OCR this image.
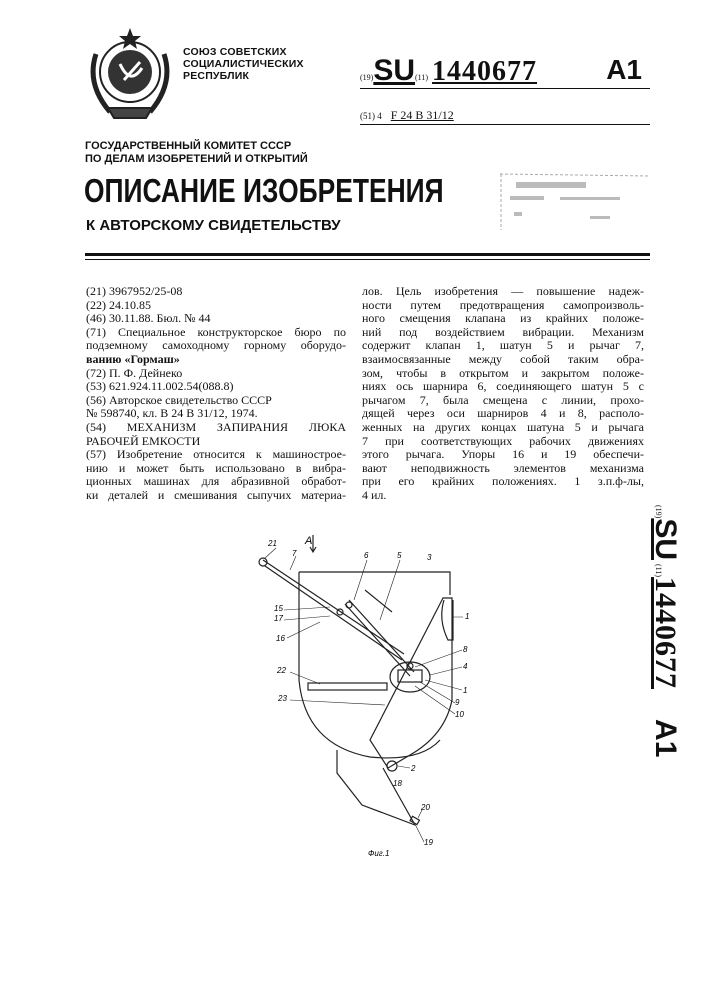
СОЮЗ СОВЕТСКИХ
СОЦИАЛИСТИЧЕСКИХ
РЕСПУБЛИК	(19)SU(11) 1440677 A1
(51) 4 F 24 B 31/12
ГОСУДАРСТВЕННЫЙ КОМИТЕТ СССР
ПО ДЕЛАМ ИЗОБРЕТЕНИЙ И ОТКРЫТИЙ
ОПИСАНИЕ ИЗОБРЕТЕНИЯ
К АВТОРСКОМУ СВИДЕТЕЛЬСТВУ
(21) 3967952/25-08
(22) 24.10.85
(46) 30.11.88. Бюл. № 44
(71) Специальное конструкторское бюро по
подземному самоходному горному оборудо-
ванию «Гормаш»
(72) П. Ф. Дейнеко
(53) 621.924.11.002.54(088.8)
(56) Авторское свидетельство СССР
№ 598740, кл. B 24 B 31/12, 1974.
(54) МЕХАНИЗМ ЗАПИРАНИЯ ЛЮКА
РАБОЧЕЙ ЕМКОСТИ
(57) Изобретение относится к машинострое-
нию и может быть использовано в вибра-
ционных машинах для абразивной обработ-
ки деталей и смешивания сыпучих материа-
лов. Цель изобретения — повышение надеж-
ности путем предотвращения самопроизволь-
ного смещения клапана из крайних положе-
ний под воздействием вибрации. Механизм
содержит клапан 1, шатун 5 и рычаг 7,
взаимосвязанные между собой таким обра-
зом, чтобы в открытом и закрытом положе-
ниях ось шарнира 6, соединяющего шатун 5 с
рычагом 7, была смещена с линии, прохо-
дящей через оси шарниров 4 и 8, располо-
женных на других концах шатуна 5 и рычага
7 при соответствующих рабочих движениях
этого рычага. Упоры 16 и 19 обеспечи-
вают неподвижность элементов механизма
при его крайних положениях. 1 з.п.ф-лы,
4 ил.
(19)SU (11)1440677 A1
21	A
7	6	5	3
15
17
16
1
8
4
1
9
10
22
23
2
18
20
19
Фиг.1
